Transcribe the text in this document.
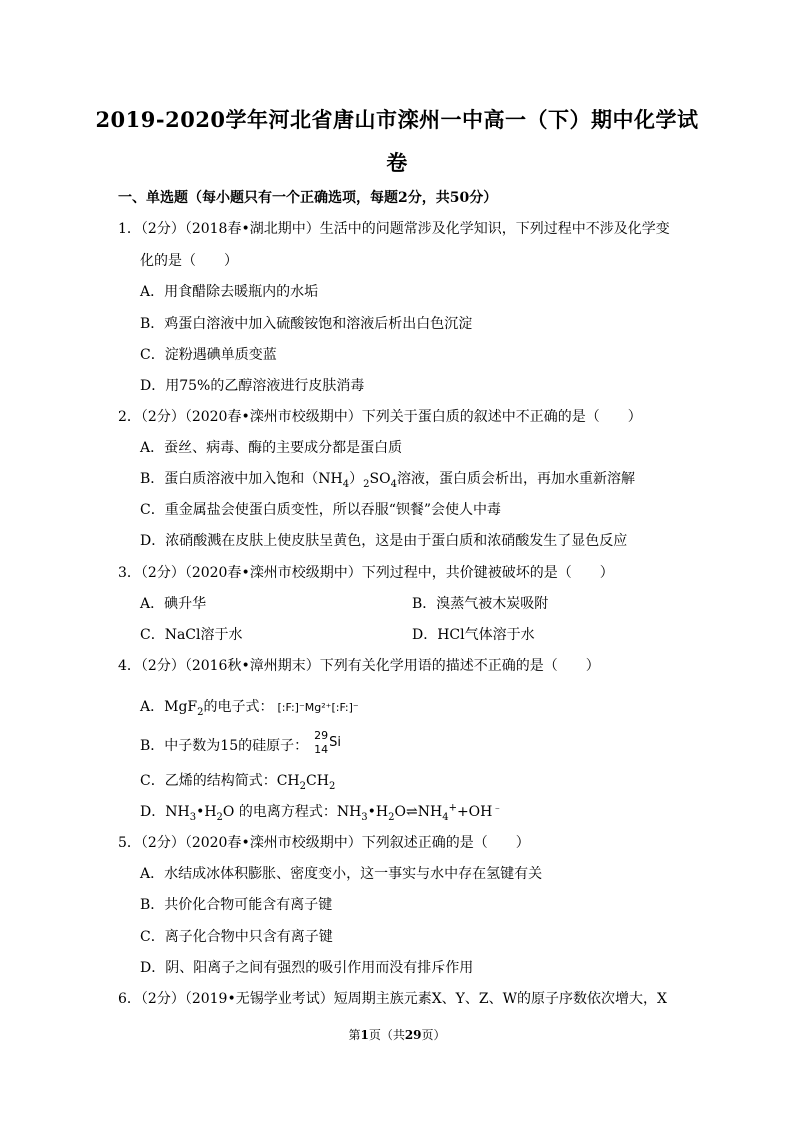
2019-2020学年河北省唐山市滦州一中高一（下）期中化学试
卷
一、单选题（每小题只有一个正确选项，每题2分，共50分）
1．（2分）（2018春•湖北期中）生活中的问题常涉及化学知识，下列过程中不涉及化学变
化的是（　　）
A．用食醋除去暖瓶内的水垢
B．鸡蛋白溶液中加入硫酸铵饱和溶液后析出白色沉淀
C．淀粉遇碘单质变蓝
D．用75%的乙醇溶液进行皮肤消毒
2．（2分）（2020春•滦州市校级期中）下列关于蛋白质的叙述中不正确的是（　　）
A．蚕丝、病毒、酶的主要成分都是蛋白质
B．蛋白质溶液中加入饱和$(NH_4)_2SO_4$溶液，蛋白质会析出，再加水重新溶解
C．重金属盐会使蛋白质变性，所以吞服“钡餐”会使人中毒
D．浓硝酸溅在皮肤上使皮肤呈黄色，这是由于蛋白质和浓硝酸发生了显色反应
3．（2分）（2020春•滦州市校级期中）下列过程中，共价键被破坏的是（　　）
A．碘升华	B．溴蒸气被木炭吸附
C．NaCl溶于水	D．HCl气体溶于水
4．（2分）（2016秋•漳州期末）下列有关化学用语的描述不正确的是（　　）
A．MgF$_2$的电子式： [:F:]⁻Mg²⁺[:F:]⁻
B．中子数为15的硅原子：
29
14 Si
C．乙烯的结构简式：$CH_2CH_2$
D．$NH_3•H_2O$ 的电离方程式：$NH_3•H_2O\rightleftharpoons NH_4^++OH^﹣$
5．（2分）（2020春•滦州市校级期中）下列叙述正确的是（　　）
A．水结成冰体积膨胀、密度变小，这一事实与水中存在氢键有关
B．共价化合物可能含有离子键
C．离子化合物中只含有离子键
D．阴、阳离子之间有强烈的吸引作用而没有排斥作用
6．（2分）（2019•无锡学业考试）短周期主族元素X、Y、Z、W的原子序数依次增大，X
第1页（共29页）
